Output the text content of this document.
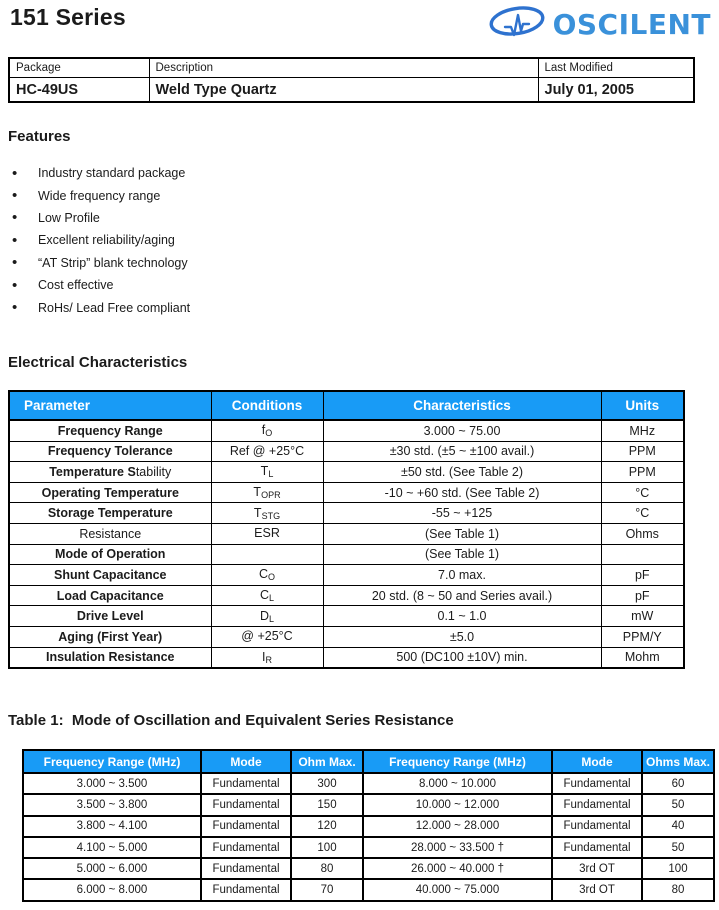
151 Series	OSCILENT
Package	Description	Last Modified
HC-49US	Weld Type Quartz	July 01, 2005
Features
• Industry standard package
• Wide frequency range
• Low Profile
• Excellent reliability/aging
• “AT Strip” blank technology
• Cost effective
• RoHs/ Lead Free compliant
Electrical Characteristics
Parameter	Conditions	Characteristics	Units
Frequency Range	$f_O$	3.000 ~ 75.00	MHz
Frequency Tolerance	Ref @ +25°C	±30 std. (±5 ~ ±100 avail.)	PPM
Temperature Stability	$T_L$	±50 std. (See Table 2)	PPM
Operating Temperature	$T_{OPR}$	-10 ~ +60 std. (See Table 2)	°C
Storage Temperature	$T_{STG}$	-55 ~ +125	°C
Resistance	ESR	(See Table 1)	Ohms
Mode of Operation		(See Table 1)	
Shunt Capacitance	$C_O$	7.0 max.	pF
Load Capacitance	$C_L$	20 std. (8 ~ 50 and Series avail.)	pF
Drive Level	$D_L$	0.1 ~ 1.0	mW
Aging (First Year)	@ +25°C	±5.0	PPM/Y
Insulation Resistance	$I_R$	500 (DC100 ±10V) min.	Mohm
Table 1:  Mode of Oscillation and Equivalent Series Resistance
Frequency Range (MHz)	Mode	Ohm Max.	Frequency Range (MHz)	Mode	Ohms Max.
3.000 ~ 3.500	Fundamental	300	8.000 ~ 10.000	Fundamental	60
3.500 ~ 3.800	Fundamental	150	10.000 ~ 12.000	Fundamental	50
3.800 ~ 4.100	Fundamental	120	12.000 ~ 28.000	Fundamental	40
4.100 ~ 5.000	Fundamental	100	28.000 ~ 33.500 †	Fundamental	50
5.000 ~ 6.000	Fundamental	80	26.000 ~ 40.000 †	3rd OT	100
6.000 ~ 8.000	Fundamental	70	40.000 ~ 75.000	3rd OT	80
